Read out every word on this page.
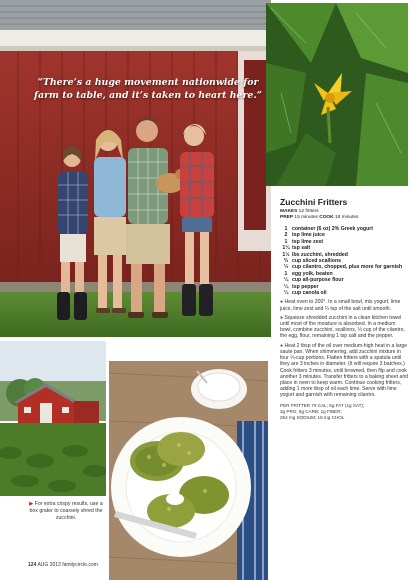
“There’s a huge movement nationwide for farm to table, and it’s taken to heart here.”
▶ For extra crispy results, use a box grater to coarsely shred the zucchini.
124 AUG 2013 familycircle.com
Zucchini Fritters
MAKES 12 fritters
PREP 15 minutes COOK 18 minutes
1 container (6 oz) 2% Greek yogurt
2 tsp lime juice
1 tsp lime zest
1¼ tsp salt
1½ lbs zucchini, shredded
⅔ cup sliced scallions
⅓ cup cilantro, chopped, plus more for garnish
1 egg yolk, beaten
¼ cup all-purpose flour
¼ tsp pepper
¼ cup canola oil
● Heat oven to 200°. In a small bowl, mix yogurt, lime juice, lime zest and ¼ tsp of the salt until smooth.
● Squeeze shredded zucchini in a clean kitchen towel until most of the moisture is absorbed. In a medium bowl, combine zucchini, scallions, ⅓ cup of the cilantro, the egg, flour, remaining 1 tsp salt and the pepper.
● Heat 2 tbsp of the oil over medium-high heat in a large saute pan. When shimmering, add zucchini mixture in four ¼-cup portions. Flatten fritters with a spatula until they are 3 inches in diameter. (It will require 3 batches.) Cook fritters 3 minutes, until browned, then flip and cook another 3 minutes. Transfer fritters to a baking sheet and place in oven to keep warm. Continue cooking fritters, adding 1 more tbsp of oil each time. Serve with lime yogurt and garnish with remaining cilantro.
PER FRITTER 79 CAL; 5g FAT (1g SAT);
3g PRO; 6g CARB; 1g FIBER;
254 mg SODIUM; 18 mg CHOL
